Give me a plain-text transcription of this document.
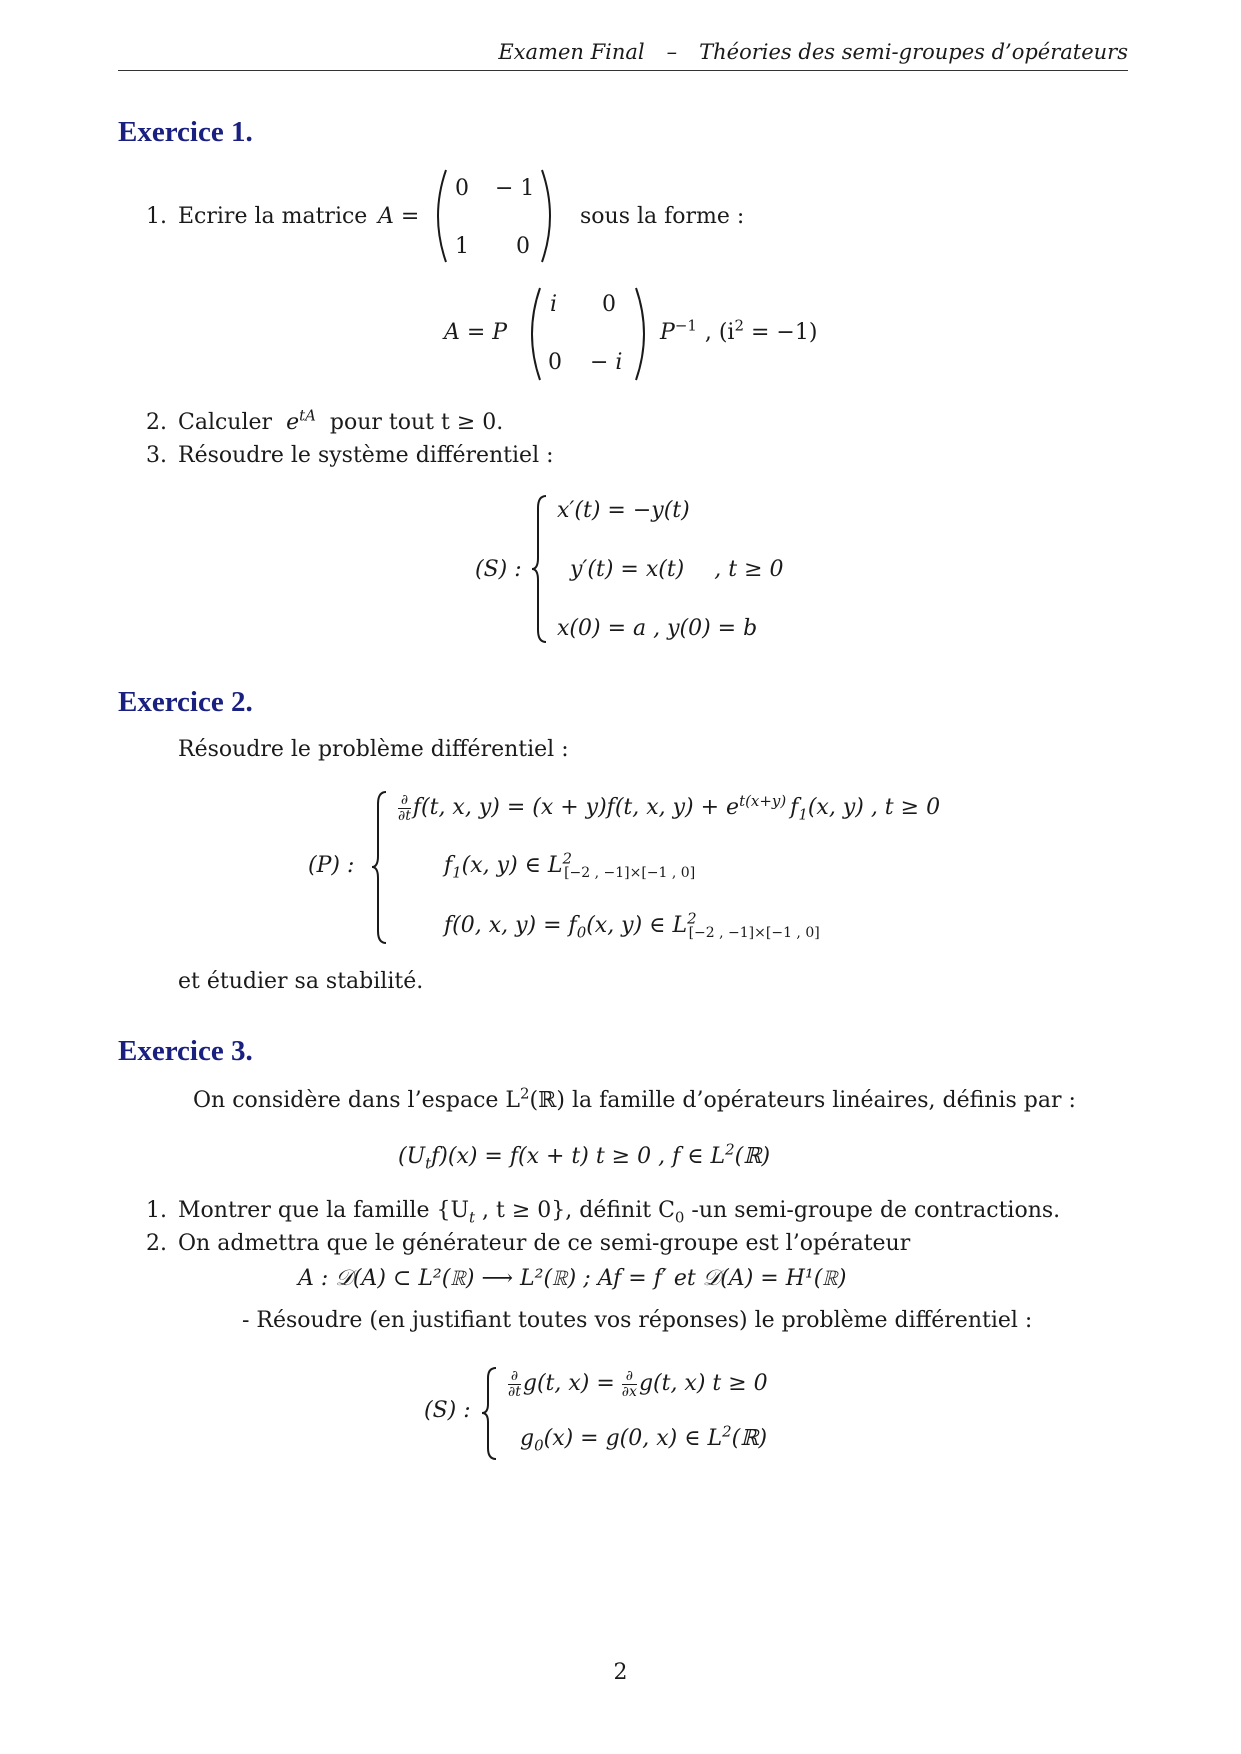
Examen Final – Théories des semi-groupes d’opérateurs
Exercice 1.
1. Ecrire la matrice A =
0 − 1
1 0
sous la forme :
A = P
i 0
0 − i
$P^{-1}$ , $(i^2 = -1)$
2. Calculer $e^{tA}$ pour tout t ≥ 0.
3. Résoudre le système différentiel :
(S) :
x′(t) = −y(t)
y′(t) = x(t) , t ≥ 0
x(0) = a , y(0) = b
Exercice 2.
Résoudre le problème différentiel :
(P) :
$\frac{\partial}{\partial t} f(t$, x, y) = (x + y)f(t, x, $y) + e^{t(x+y)}$ $f_1(x$, y) , t ≥ 0
$f_1(x$, y) ∈ $L^2_{[-2 , -1]\times[-1 , 0]}$
f(0, x, $y) = f_0(x$, y) ∈ $L^2_{[-2 , -1]\times[-1 , 0]}$
et étudier sa stabilité.
Exercice 3.
On considère dans l’espace $L^2(ℝ)$ la famille d’opérateurs linéaires, définis par :
$(U_tf)(x) = f(x + t) t \ge 0$ , f ∈ $L^2(ℝ)$
1. Montrer que la famille {$U_t$ , t ≥ 0}, définit $C_0$ -un semi-groupe de contractions.
2. On admettra que le générateur de ce semi-groupe est l’opérateur
A : 𝒟(A) ⊂ L²(ℝ) ⟶ L²(ℝ) ; Af = f′ et 𝒟(A) = H¹(ℝ)
- Résoudre (en justifiant toutes vos réponses) le problème différentiel :
(S) :
$\frac{\partial}{\partial t} g(t$, $x) = \frac{\partial}{\partial x} g(t$, x) t ≥ 0
$g_0(x) = g(0$, x) ∈ $L^2(ℝ)$
2
